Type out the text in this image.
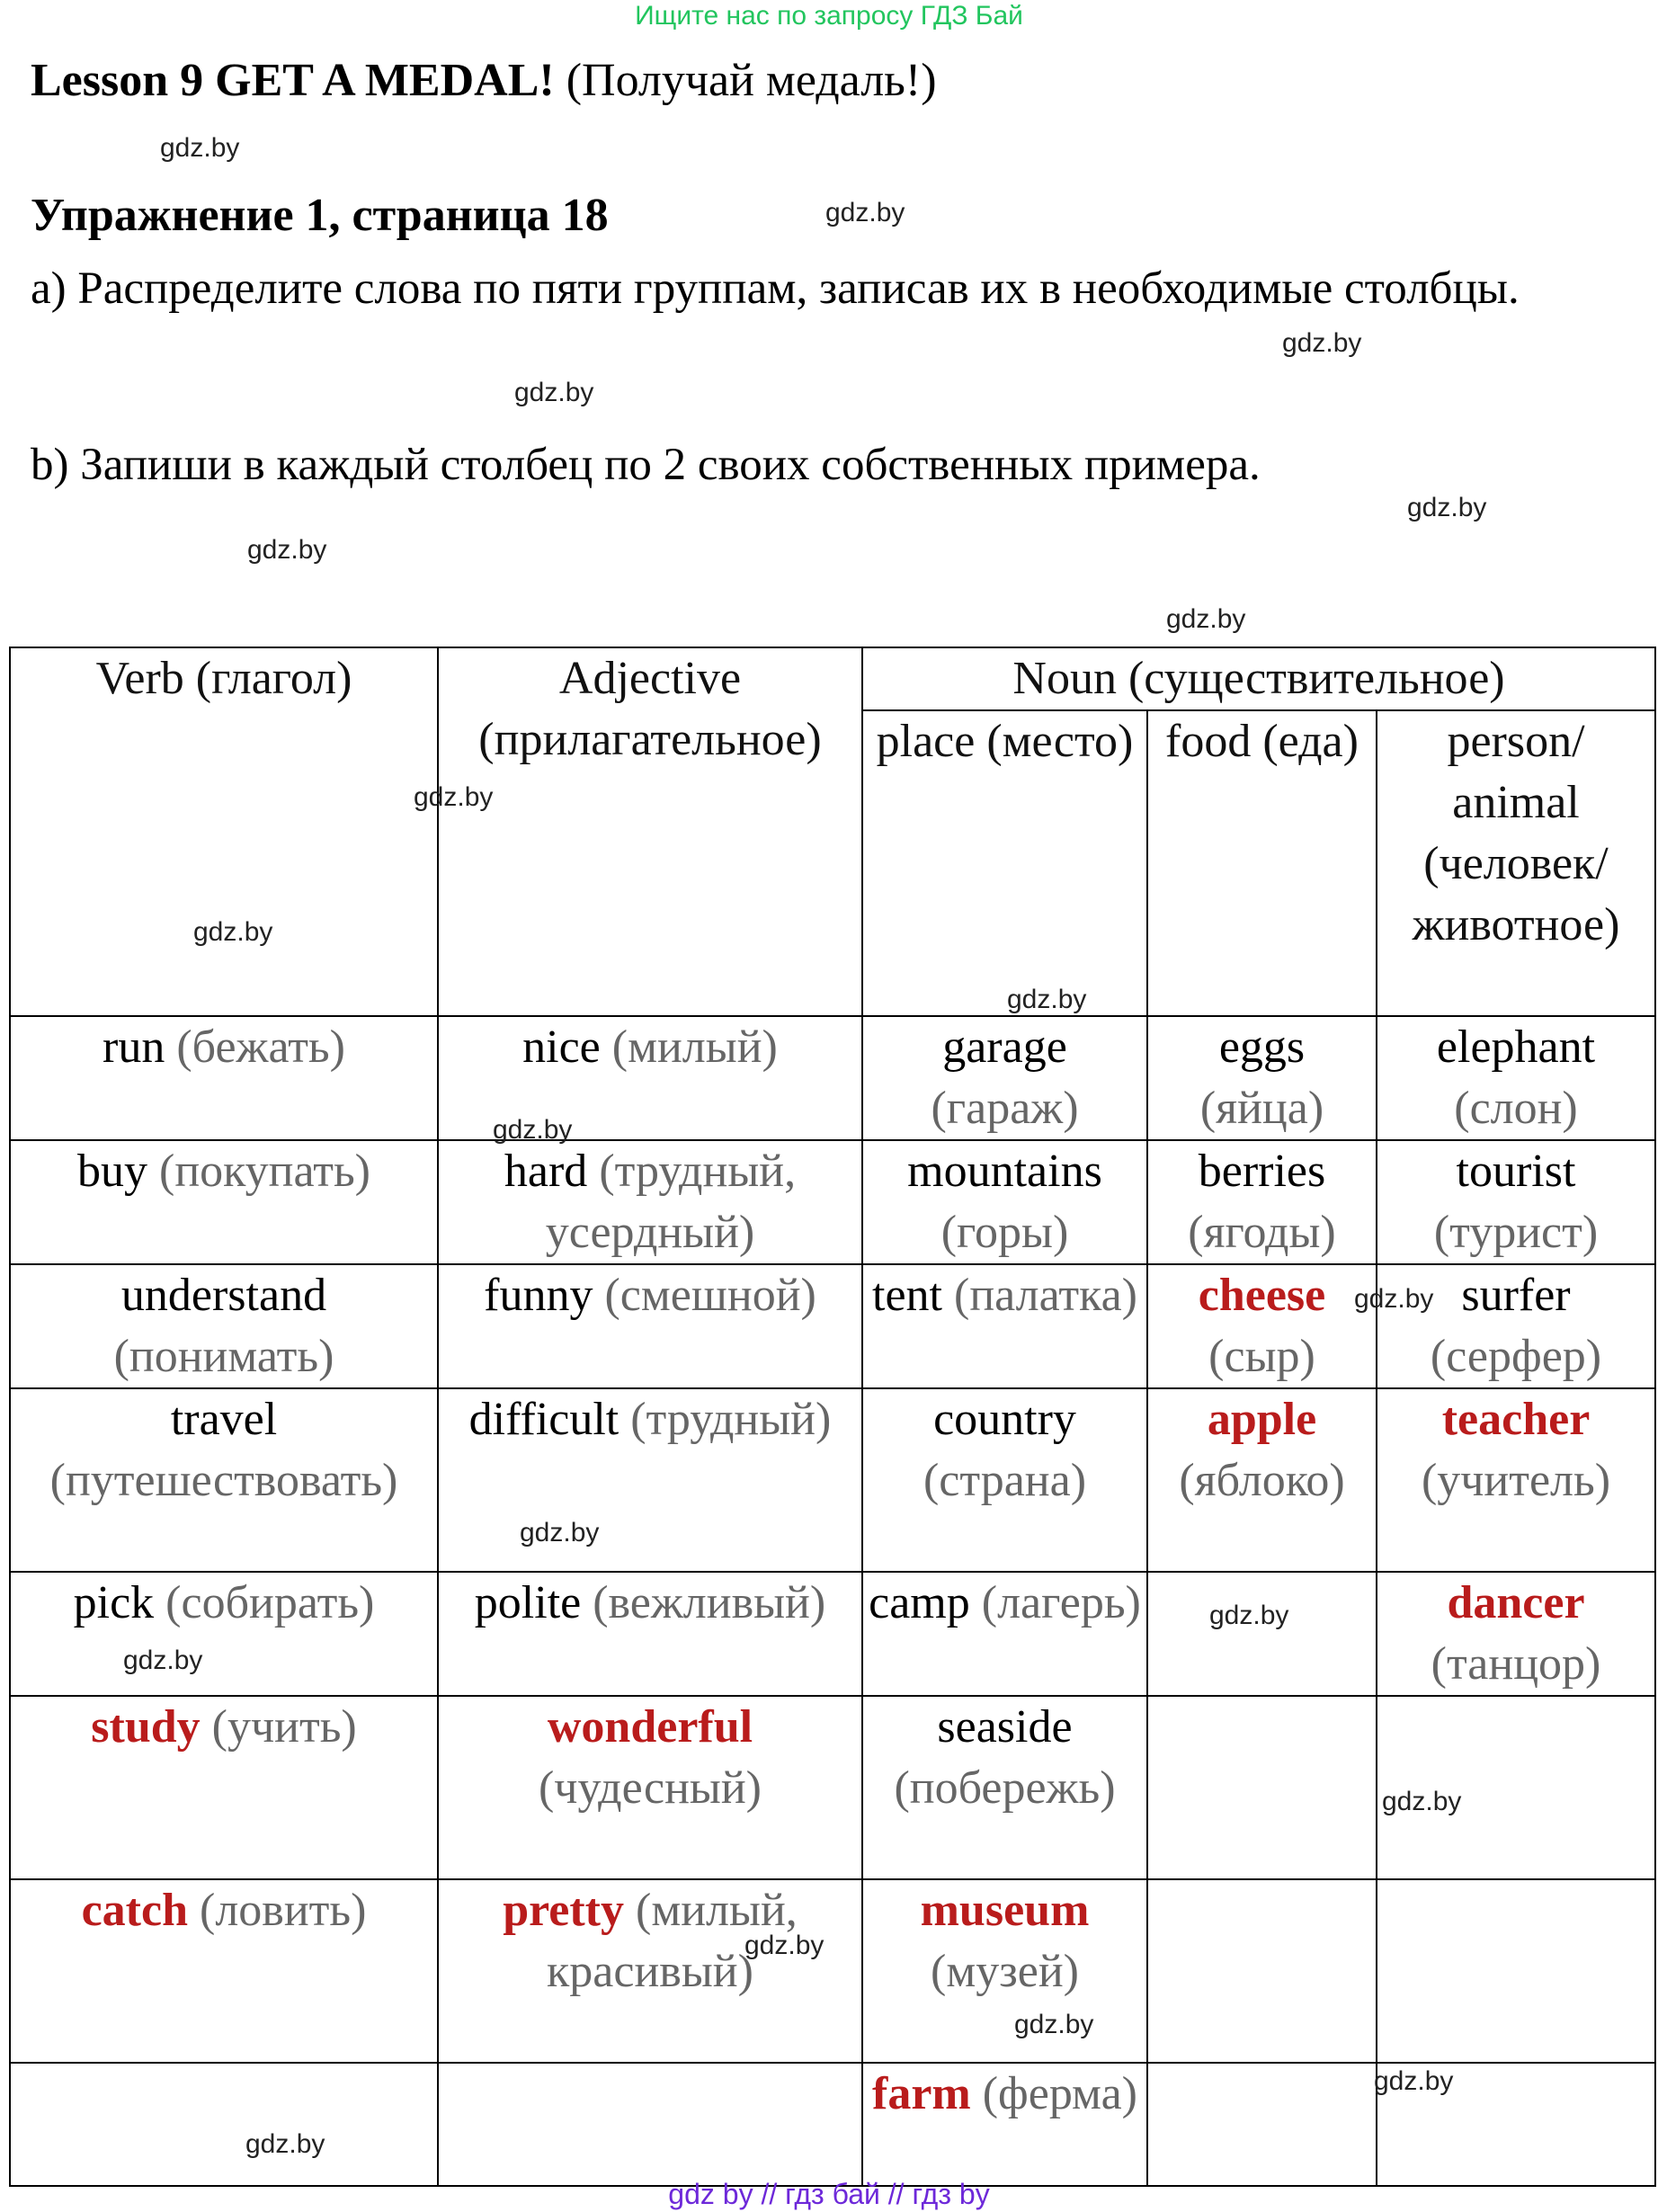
Ищите нас по запросу ГДЗ Бай
Lesson 9 GET A MEDAL! (Получай медаль!)
Упражнение 1, страница 18
a) Распределите слова по пяти группам, записав их в необходимые столбцы.
b) Запиши в каждый столбец по 2 своих собственных примера.
Verb (глагол)	Adjective (прилагательное)	Noun (существительное)		
		place (место)	food (еда)	person/ animal (человек/ животное)
run (бежать)	nice (милый)	garage (гараж)	eggs (яйца)	elephant (слон)
buy (покупать)	hard (трудный, усердный)	mountains (горы)	berries (ягоды)	tourist (турист)
understand (понимать)	funny (смешной)	tent (палатка)	cheese (сыр)	surfer (серфер)
travel (путешествовать)	difficult (трудный)	country (страна)	apple (яблоко)	teacher (учитель)
pick (собирать)	polite (вежливый)	camp (лагерь)		dancer (танцор)
study (учить)	wonderful (чудесный)	seaside (побережь)		
catch (ловить)	pretty (милый, красивый)	museum (музей)		
		farm (ферма)		
gdz.by
gdz.by
gdz.by
gdz.by
gdz.by
gdz.by
gdz.by
gdz.by
gdz.by
gdz.by
gdz.by
gdz.by
gdz.by
gdz.by
gdz.by
gdz.by
gdz.by
gdz.by
gdz.by
gdz.by
gdz by // гдз бай // гдз by
